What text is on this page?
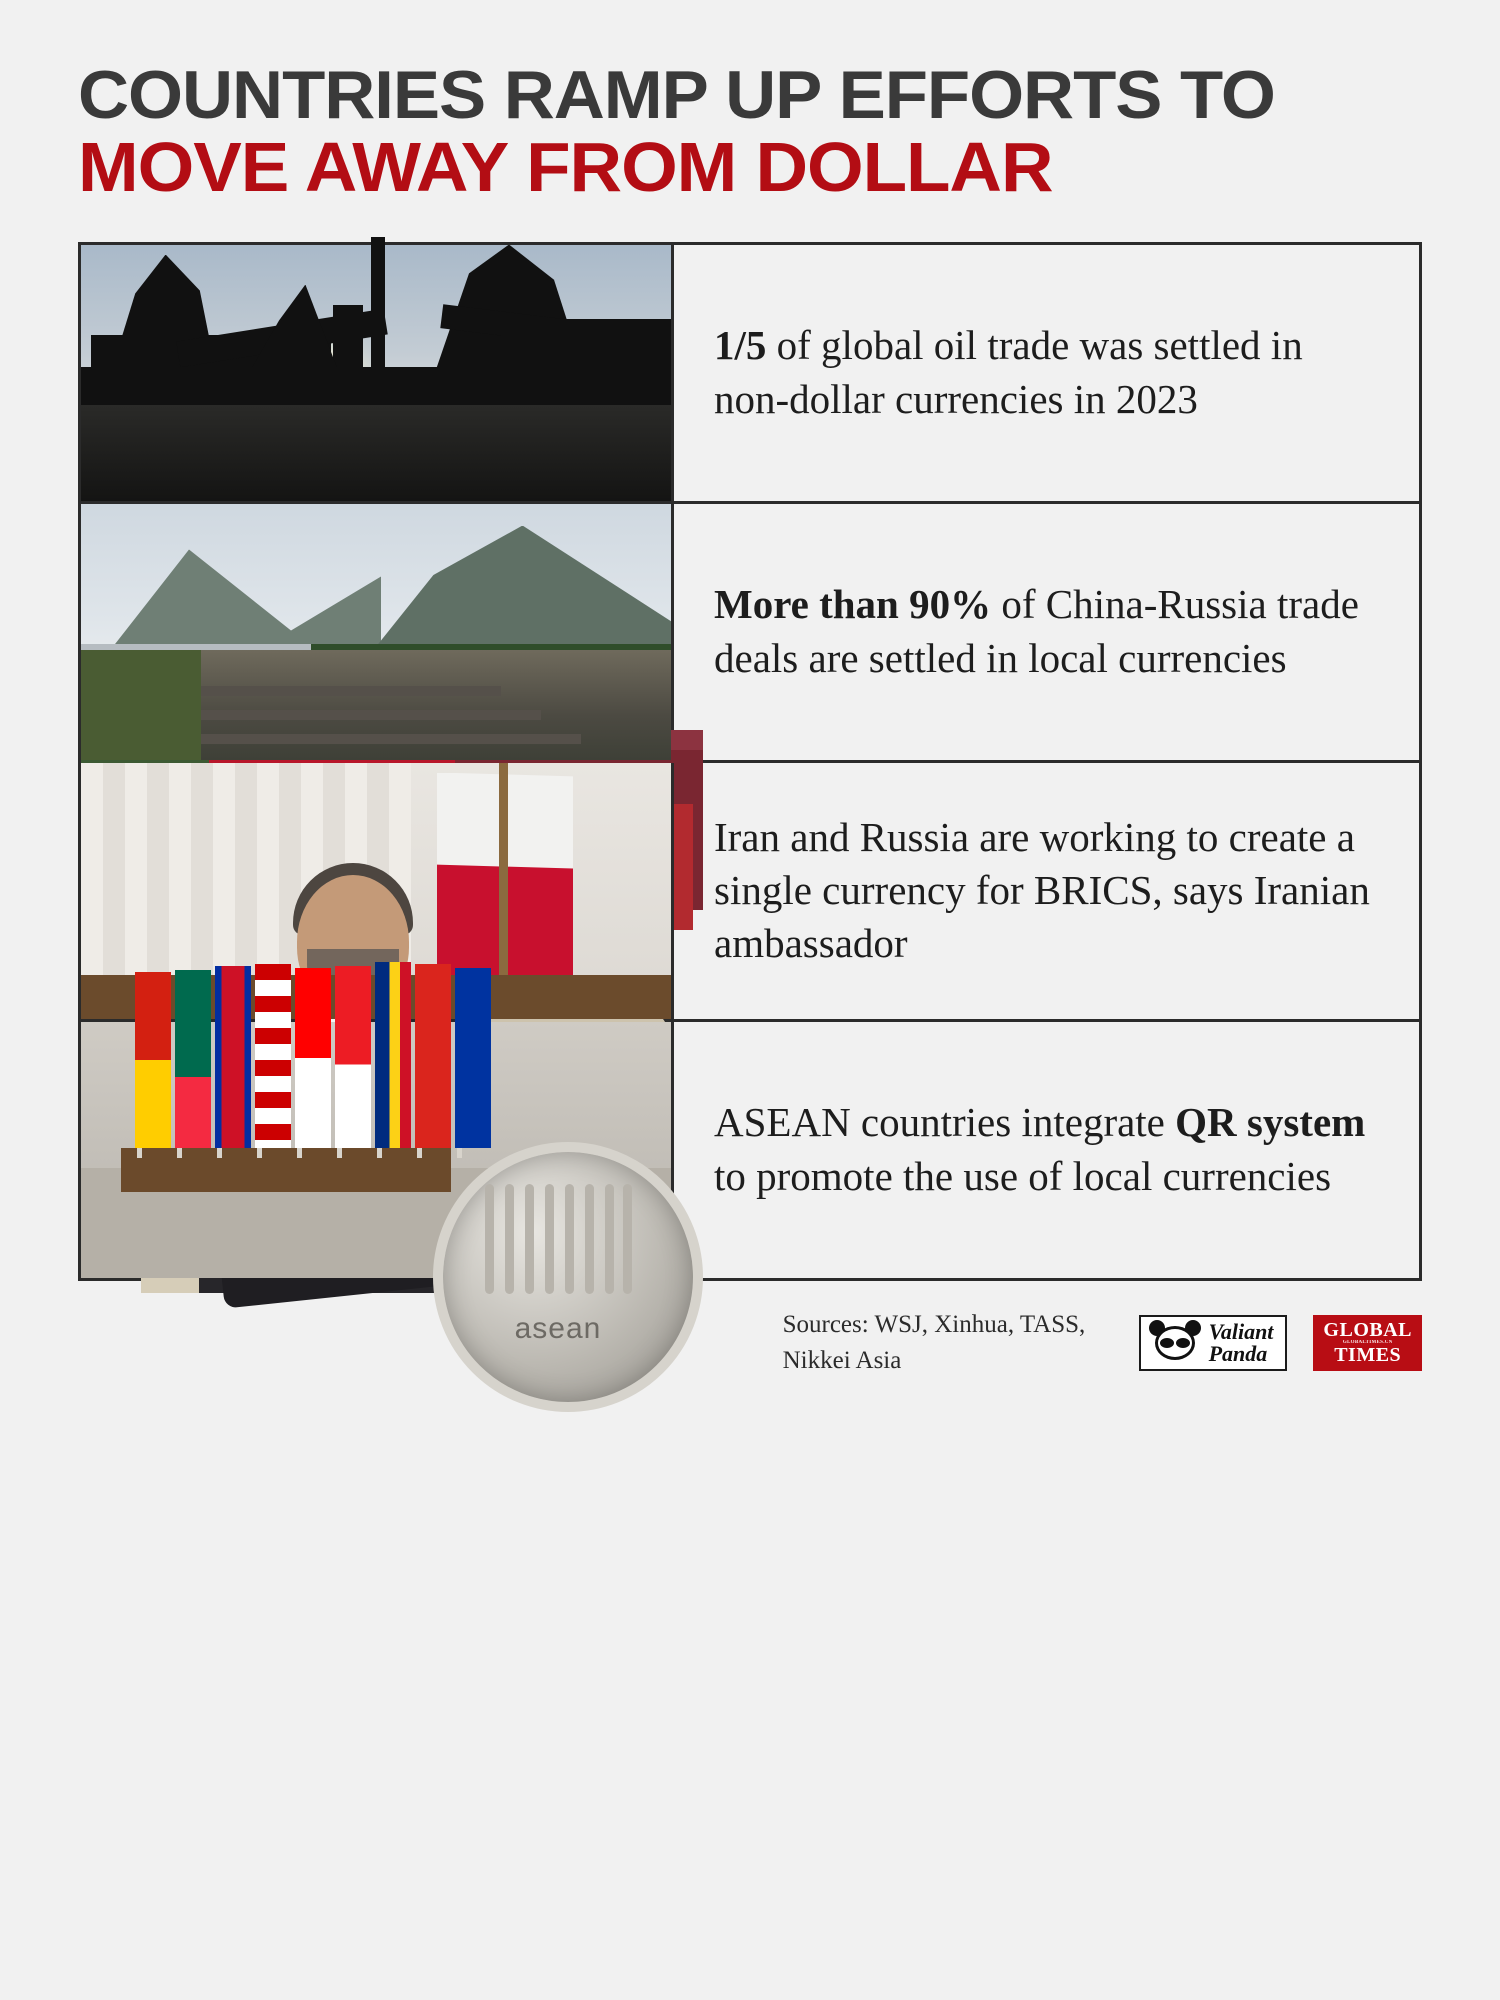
COUNTRIES RAMP UP EFFORTS TO
MOVE AWAY FROM DOLLAR

1/5 of global oil trade was settled in non-dollar currencies in 2023

More than 90% of China-Russia trade deals are settled in local currencies

Iran and Russia are working to create a single currency for BRICS, says Iranian ambassador

asean

ASEAN countries integrate QR system to promote the use of local currencies

Sources: WSJ, Xinhua, TASS, Nikkei Asia
Valiant
Panda
GLOBAL
GLOBALTIMES.CN
TIMES
